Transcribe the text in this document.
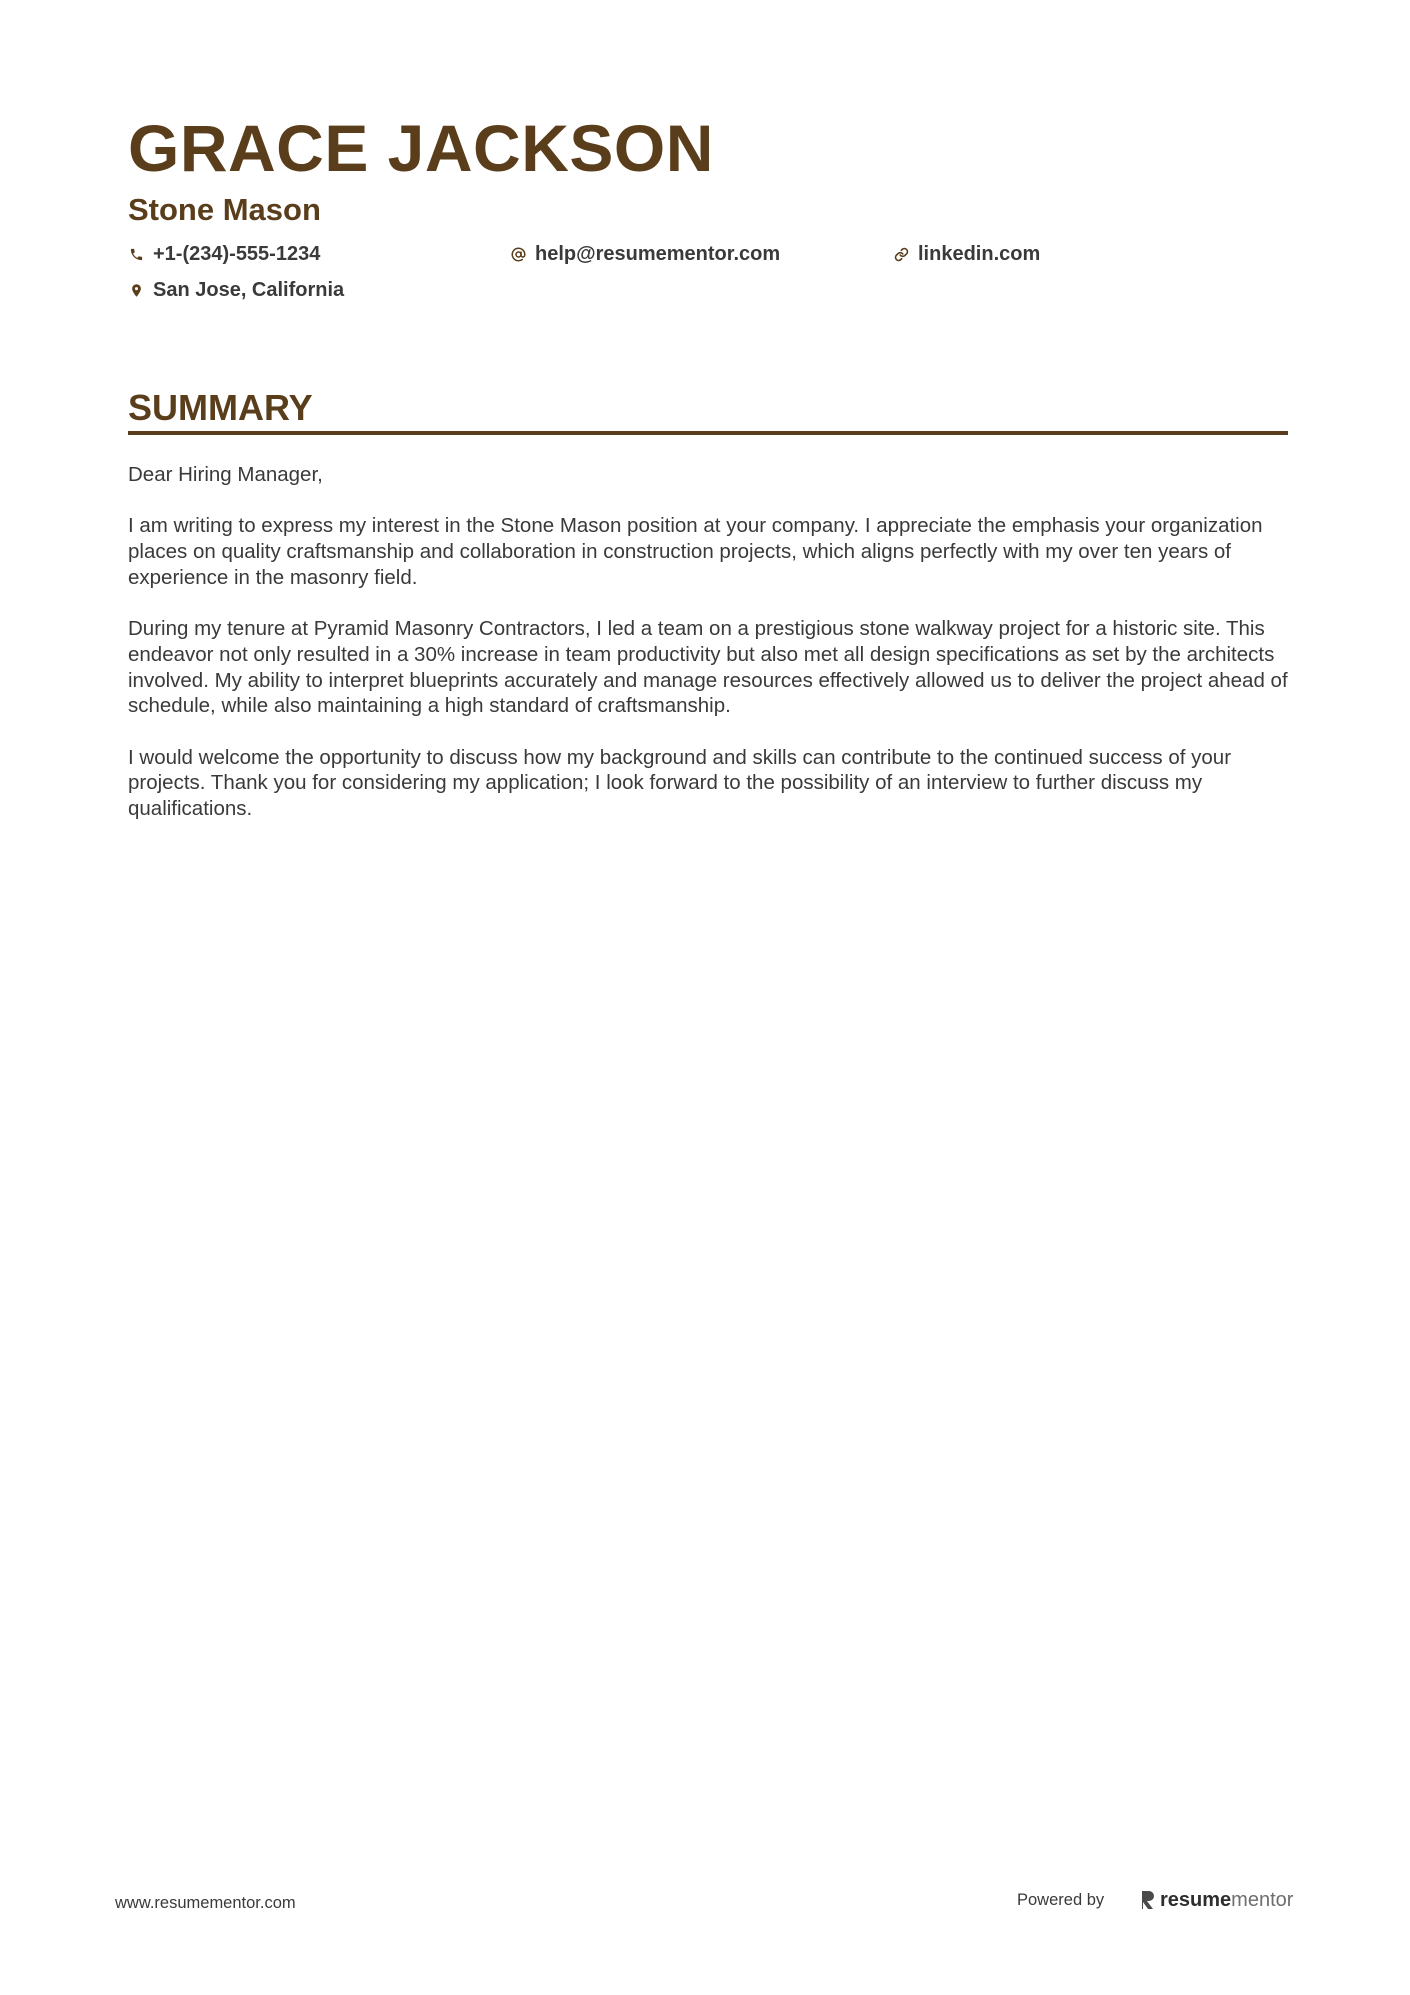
GRACE JACKSON
Stone Mason
+1-(234)-555-1234	help@resumementor.com	linkedin.com
San Jose, California
SUMMARY

Dear Hiring Manager,

I am writing to express my interest in the Stone Mason position at your company. I appreciate the emphasis your organization places on quality craftsmanship and collaboration in construction projects, which aligns perfectly with my over ten years of experience in the masonry field.

During my tenure at Pyramid Masonry Contractors, I led a team on a prestigious stone walkway project for a historic site. This endeavor not only resulted in a 30% increase in team productivity but also met all design specifications as set by the architects involved. My ability to interpret blueprints accurately and manage resources effectively allowed us to deliver the project ahead of schedule, while also maintaining a high standard of craftsmanship.

I would welcome the opportunity to discuss how my background and skills can contribute to the continued success of your projects. Thank you for considering my application; I look forward to the possibility of an interview to further discuss my qualifications.

www.resumementor.com	Powered by	resume mentor
